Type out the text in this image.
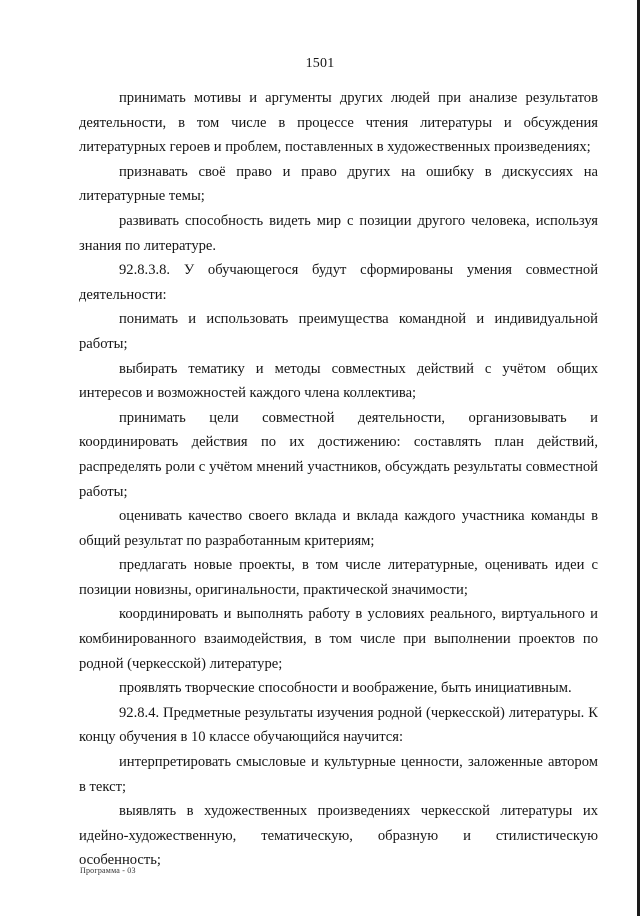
1501

принимать мотивы и аргументы других людей при анализе результатов деятельности, в том числе в процессе чтения литературы и обсуждения литературных героев и проблем, поставленных в художественных произведениях;

признавать своё право и право других на ошибку в дискуссиях на литературные темы;

развивать способность видеть мир с позиции другого человека, используя знания по литературе.

92.8.3.8. У обучающегося будут сформированы умения совместной деятельности:

понимать и использовать преимущества командной и индивидуальной работы;

выбирать тематику и методы совместных действий с учётом общих интересов и возможностей каждого члена коллектива;

принимать цели совместной деятельности, организовывать и координировать действия по их достижению: составлять план действий, распределять роли с учётом мнений участников, обсуждать результаты совместной работы;

оценивать качество своего вклада и вклада каждого участника команды в общий результат по разработанным критериям;

предлагать новые проекты, в том числе литературные, оценивать идеи с позиции новизны, оригинальности, практической значимости;

координировать и выполнять работу в условиях реального, виртуального и комбинированного взаимодействия, в том числе при выполнении проектов по родной (черкесской) литературе;

проявлять творческие способности и воображение, быть инициативным.

92.8.4. Предметные результаты изучения родной (черкесской) литературы. К концу обучения в 10 классе обучающийся научится:

интерпретировать смысловые и культурные ценности, заложенные автором в текст;

выявлять в художественных произведениях черкесской литературы их идейно-художественную, тематическую, образную и стилистическую особенность;

Программа - 03
